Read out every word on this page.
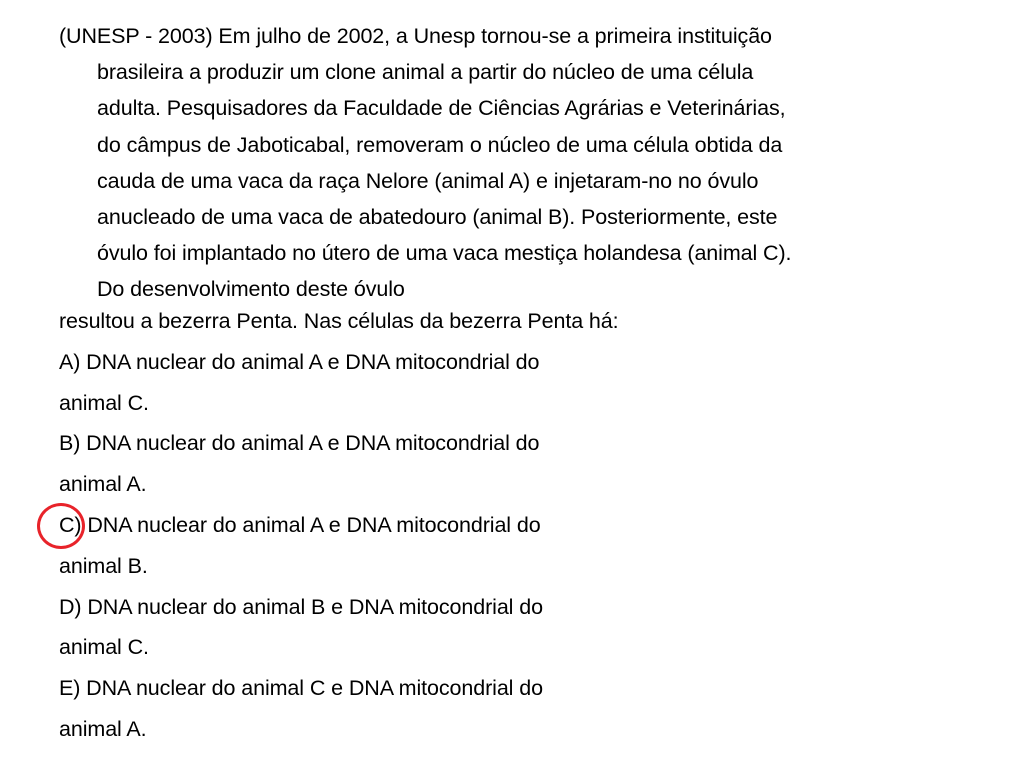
(UNESP - 2003) Em julho de 2002, a Unesp tornou-se a primeira instituição
brasileira a produzir um clone animal a partir do núcleo de uma célula
adulta. Pesquisadores da Faculdade de Ciências Agrárias e Veterinárias,
do câmpus de Jaboticabal, removeram o núcleo de uma célula obtida da
cauda de uma vaca da raça Nelore (animal A) e injetaram-no no óvulo
anucleado de uma vaca de abatedouro (animal B). Posteriormente, este
óvulo foi implantado no útero de uma vaca mestiça holandesa (animal C).
Do desenvolvimento deste óvulo
resultou a bezerra Penta. Nas células da bezerra Penta há:
A) DNA nuclear do animal A e DNA mitocondrial do
animal C.
B) DNA nuclear do animal A e DNA mitocondrial do
animal A.
C) DNA nuclear do animal A e DNA mitocondrial do
animal B.
D) DNA nuclear do animal B e DNA mitocondrial do
animal C.
E) DNA nuclear do animal C e DNA mitocondrial do
animal A.
